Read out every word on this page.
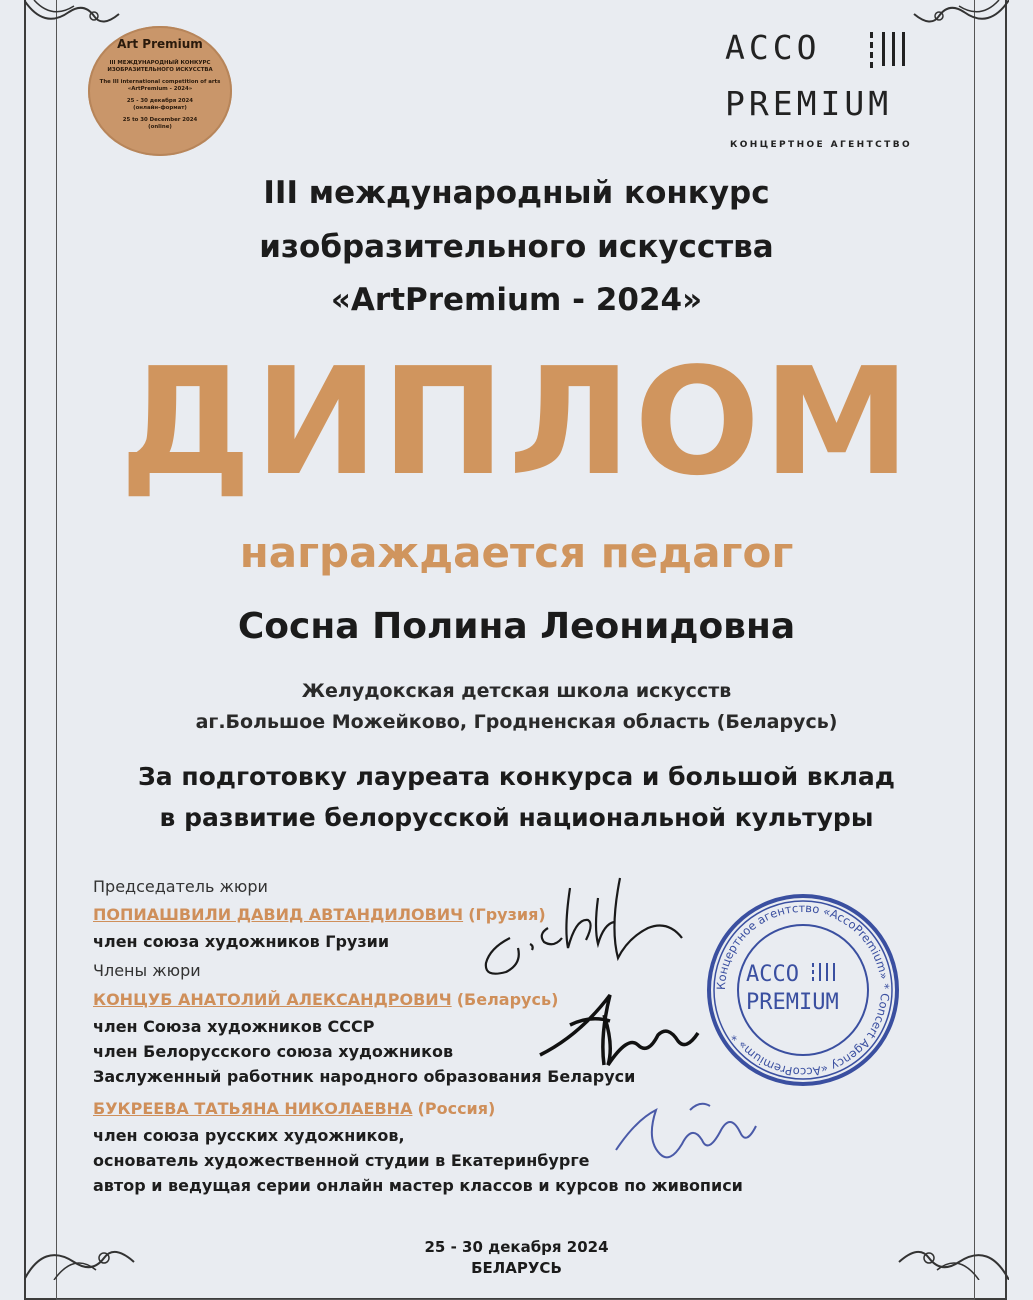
Art Premium
III МЕЖДУНАРОДНЫЙ КОНКУРС
ИЗОБРАЗИТЕЛЬНОГО ИСКУССТВА
The III international competition of arts
«ArtPremium - 2024»
25 - 30 декабря 2024
(онлайн-формат)
25 to 30 December 2024
(online)
ACCO
PREMIUM
КОНЦЕРТНОЕ АГЕНТСТВО
III международный конкурс
изобразительного искусства
«ArtPremium - 2024»
ДИПЛОМ
награждается педагог
Сосна Полина Леонидовна
Желудокская детская школа искусств
аг.Большое Можейково, Гродненская область (Беларусь)
За подготовку лауреата конкурса и большой вклад
в развитие белорусской национальной культуры
Председатель жюри
ПОПИАШВИЛИ ДАВИД АВТАНДИЛОВИЧ (Грузия)
член союза художников Грузии
Члены жюри
КОНЦУБ АНАТОЛИЙ АЛЕКСАНДРОВИЧ (Беларусь)
член Союза художников СССР
член Белорусского союза художников
Заслуженный работник народного образования Беларуси
БУКРЕЕВА ТАТЬЯНА НИКОЛАЕВНА (Россия)
член союза русских художников,
основатель художественной студии в Екатеринбурге
автор и ведущая серии онлайн мастер классов и курсов по живописи
Концертное агентство «AccoPremium» * Concert Agency «AccoPremium» *
ACCO
PREMIUM
25 - 30 декабря 2024
БЕЛАРУСЬ
